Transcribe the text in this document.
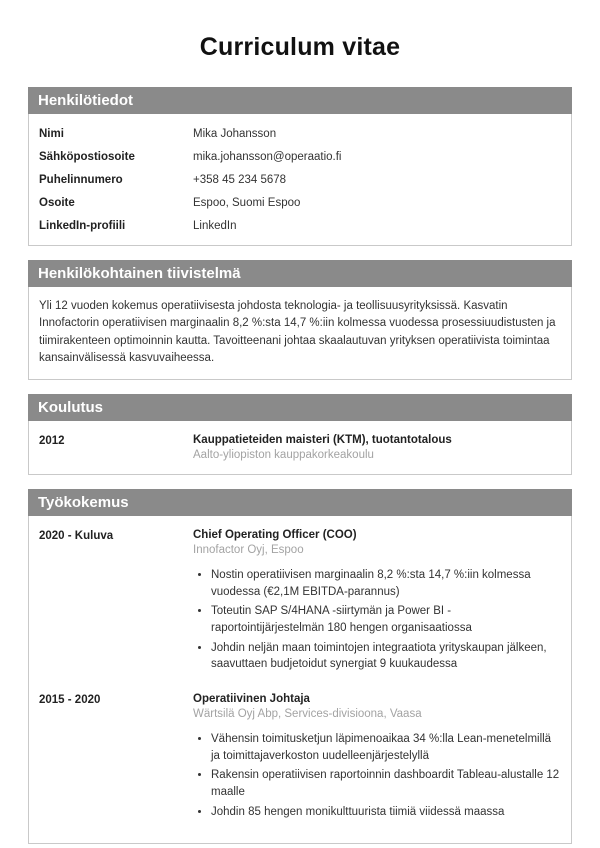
Curriculum vitae
Henkilötiedot
Nimi	Mika Johansson
Sähköpostiosoite	mika.johansson@operaatio.fi
Puhelinnumero	+358 45 234 5678
Osoite	Espoo, Suomi Espoo
LinkedIn-profiili	LinkedIn
Henkilökohtainen tiivistelmä

Yli 12 vuoden kokemus operatiivisesta johdosta teknologia- ja teollisuusyrityksissä. Kasvatin Innofactorin operatiivisen marginaalin 8,2 %:sta 14,7 %:iin kolmessa vuodessa prosessiuudistusten ja tiimirakenteen optimoinnin kautta. Tavoitteenani johtaa skaalautuvan yrityksen operatiivista toimintaa kansainvälisessä kasvuvaiheessa.

Koulutus
2012	Kauppatieteiden maisteri (KTM), tuotantotalous

Aalto-yliopiston kauppakorkeakoulu

Työkokemus
2020 - Kuluva	Chief Operating Officer (COO)

Innofactor Oyj, Espoo

• Nostin operatiivisen marginaalin 8,2 %:sta 14,7 %:iin kolmessa vuodessa (€2,1M EBITDA-parannus)
• Toteutin SAP S/4HANA -siirtymän ja Power BI -raportointijärjestelmän 180 hengen organisaatiossa
• Johdin neljän maan toimintojen integraatiota yrityskaupan jälkeen, saavuttaen budjetoidut synergiat 9 kuukaudessa
2015 - 2020	Operatiivinen Johtaja

Wärtsilä Oyj Abp, Services-divisioona, Vaasa

• Vähensin toimitusketjun läpimenoaikaa 34 %:lla Lean-menetelmillä ja toimittajaverkoston uudelleenjärjestelyllä
• Rakensin operatiivisen raportoinnin dashboardit Tableau-alustalle 12 maalle
• Johdin 85 hengen monikulttuurista tiimiä viidessä maassa
